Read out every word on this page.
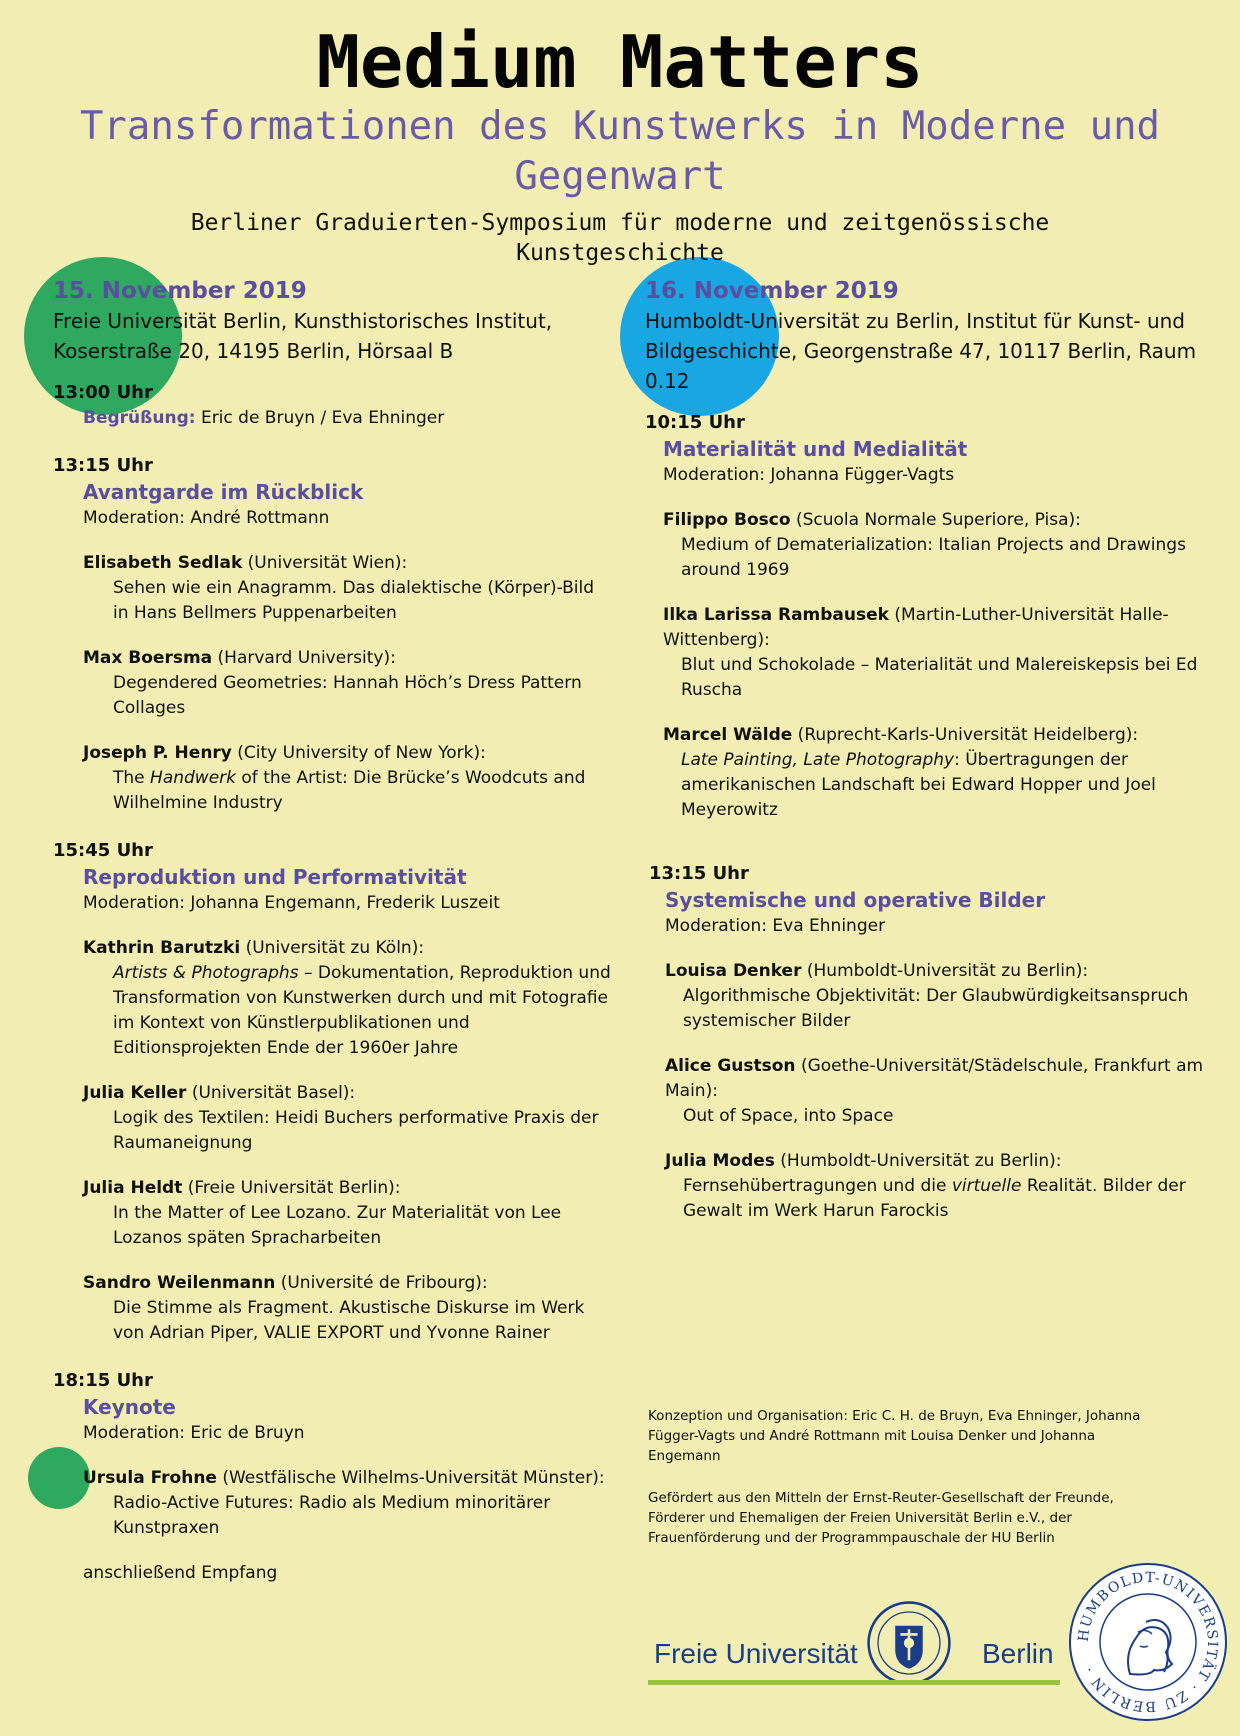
Medium Matters
Transformationen des Kunstwerks in Moderne und Gegenwart
Berliner Graduierten-Symposium für moderne und zeitgenössische Kunstgeschichte
15. November 2019
Freie Universität Berlin, Kunsthistorisches Institut, Koserstraße 20, 14195 Berlin, Hörsaal B
13:00 Uhr
Begrüßung: Eric de Bruyn / Eva Ehninger
13:15 Uhr
Avantgarde im Rückblick
Moderation: André Rottmann
Elisabeth Sedlak (Universität Wien):
Sehen wie ein Anagramm. Das dialektische (Körper)-Bild in Hans Bellmers Puppenarbeiten
Max Boersma (Harvard University):
Degendered Geometries: Hannah Höch’s Dress Pattern Collages
Joseph P. Henry (City University of New York):
The Handwerk of the Artist: Die Brücke’s Woodcuts and Wilhelmine Industry
15:45 Uhr
Reproduktion und Performativität
Moderation: Johanna Engemann, Frederik Luszeit
Kathrin Barutzki (Universität zu Köln):
Artists & Photographs – Dokumentation, Reproduktion und Transformation von Kunstwerken durch und mit Fotografie im Kontext von Künstlerpublikationen und Editionsprojekten Ende der 1960er Jahre
Julia Keller (Universität Basel):
Logik des Textilen: Heidi Buchers performative Praxis der Raumaneignung
Julia Heldt (Freie Universität Berlin):
In the Matter of Lee Lozano. Zur Materialität von Lee Lozanos späten Spracharbeiten
Sandro Weilenmann (Université de Fribourg):
Die Stimme als Fragment. Akustische Diskurse im Werk von Adrian Piper, VALIE EXPORT und Yvonne Rainer
18:15 Uhr
Keynote
Moderation: Eric de Bruyn
Ursula Frohne (Westfälische Wilhelms-Universität Münster):
Radio-Active Futures: Radio als Medium minoritärer Kunstpraxen
anschließend Empfang
16. November 2019
Humboldt-Universität zu Berlin, Institut für Kunst- und Bildgeschichte, Georgenstraße 47, 10117 Berlin, Raum 0.12
10:15 Uhr
Materialität und Medialität
Moderation: Johanna Függer-Vagts
Filippo Bosco (Scuola Normale Superiore, Pisa):
Medium of Dematerialization: Italian Projects and Drawings around 1969
Ilka Larissa Rambausek (Martin-Luther-Universität Halle-Wittenberg):
Blut und Schokolade – Materialität und Malereiskepsis bei Ed Ruscha
Marcel Wälde (Ruprecht-Karls-Universität Heidelberg):
Late Painting, Late Photography: Übertragungen der amerikanischen Landschaft bei Edward Hopper und Joel Meyerowitz
13:15 Uhr
Systemische und operative Bilder
Moderation: Eva Ehninger
Louisa Denker (Humboldt-Universität zu Berlin):
Algorithmische Objektivität: Der Glaubwürdigkeitsanspruch systemischer Bilder
Alice Gustson (Goethe-Universität/Städelschule, Frankfurt am Main):
Out of Space, into Space
Julia Modes (Humboldt-Universität zu Berlin):
Fernsehübertragungen und die virtuelle Realität. Bilder der Gewalt im Werk Harun Farockis

Konzeption und Organisation: Eric C. H. de Bruyn, Eva Ehninger, Johanna Függer-Vagts und André Rottmann mit Louisa Denker und Johanna Engemann

Gefördert aus den Mitteln der Ernst-Reuter-Gesellschaft der Freunde, Förderer und Ehemaligen der Freien Universität Berlin e.V., der Frauenförderung und der Programmpauschale der HU Berlin

Freie Universität	Berlin
HUMBOLDT-UNIVERSITÄT · ZU BERLIN ·
